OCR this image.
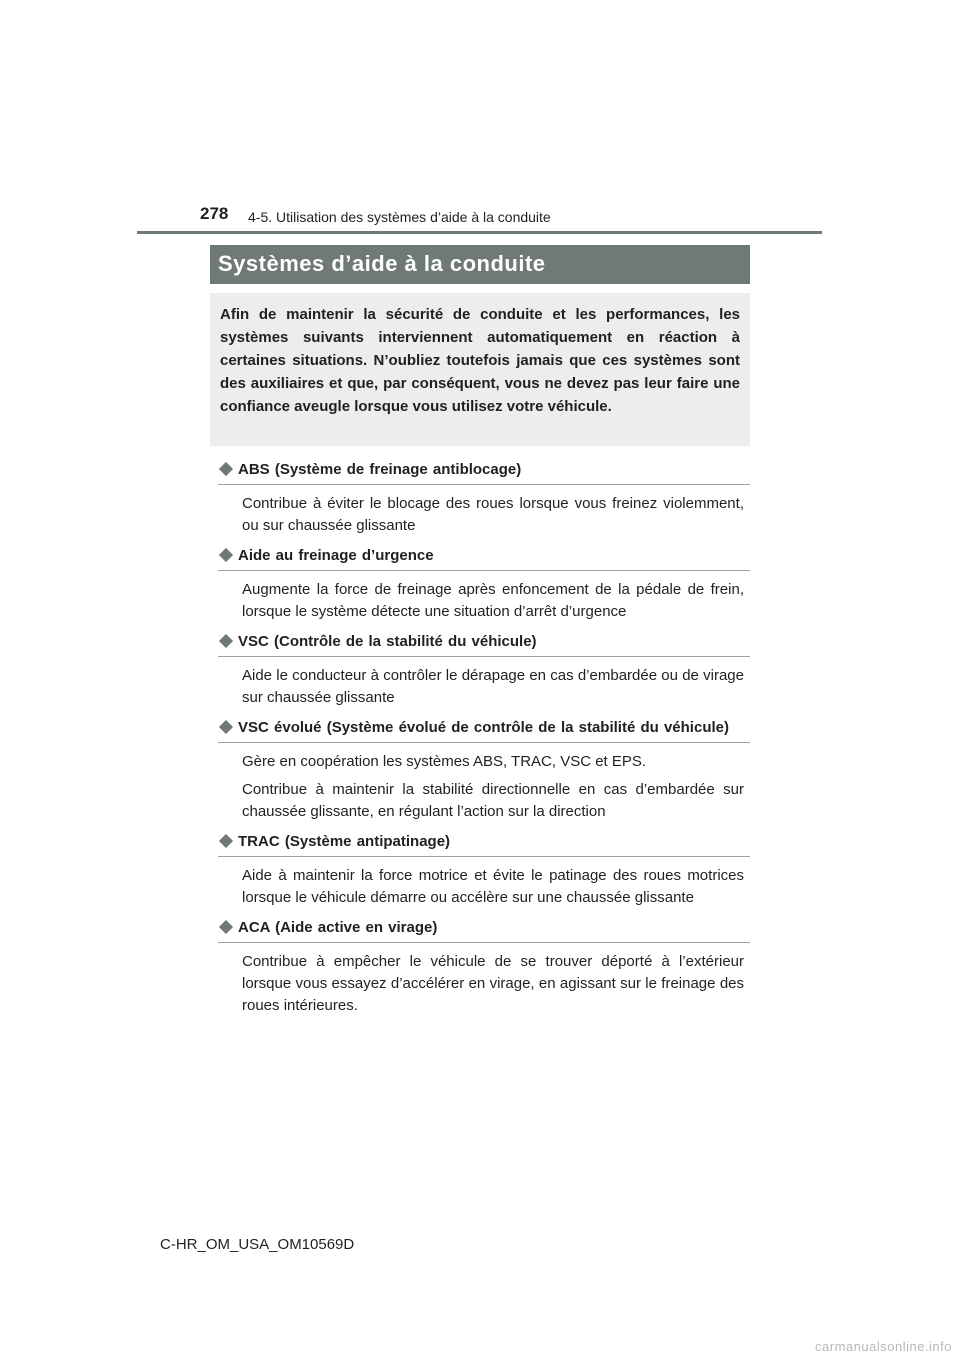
278 4-5. Utilisation des systèmes d’aide à la conduite
Systèmes d’aide à la conduite
Afin de maintenir la sécurité de conduite et les performances, les systèmes suivants interviennent automatiquement en réaction à certaines situations. N’oubliez toutefois jamais que ces systèmes sont des auxiliaires et que, par conséquent, vous ne devez pas leur faire une confiance aveugle lorsque vous utilisez votre véhicule.
ABS (Système de freinage antiblocage)

Contribue à éviter le blocage des roues lorsque vous freinez violemment, ou sur chaussée glissante

Aide au freinage d’urgence

Augmente la force de freinage après enfoncement de la pédale de frein, lorsque le système détecte une situation d’arrêt d’urgence

VSC (Contrôle de la stabilité du véhicule)

Aide le conducteur à contrôler le dérapage en cas d’embardée ou de virage sur chaussée glissante

VSC évolué (Système évolué de contrôle de la stabilité du véhicule)

Gère en coopération les systèmes ABS, TRAC, VSC et EPS.

Contribue à maintenir la stabilité directionnelle en cas d’embardée sur chaussée glissante, en régulant l’action sur la direction

TRAC (Système antipatinage)

Aide à maintenir la force motrice et évite le patinage des roues motrices lorsque le véhicule démarre ou accélère sur une chaussée glissante

ACA (Aide active en virage)

Contribue à empêcher le véhicule de se trouver déporté à l’extérieur lorsque vous essayez d’accélérer en virage, en agissant sur le freinage des roues intérieures.

C-HR_OM_USA_OM10569D
carmanualsonline.info
